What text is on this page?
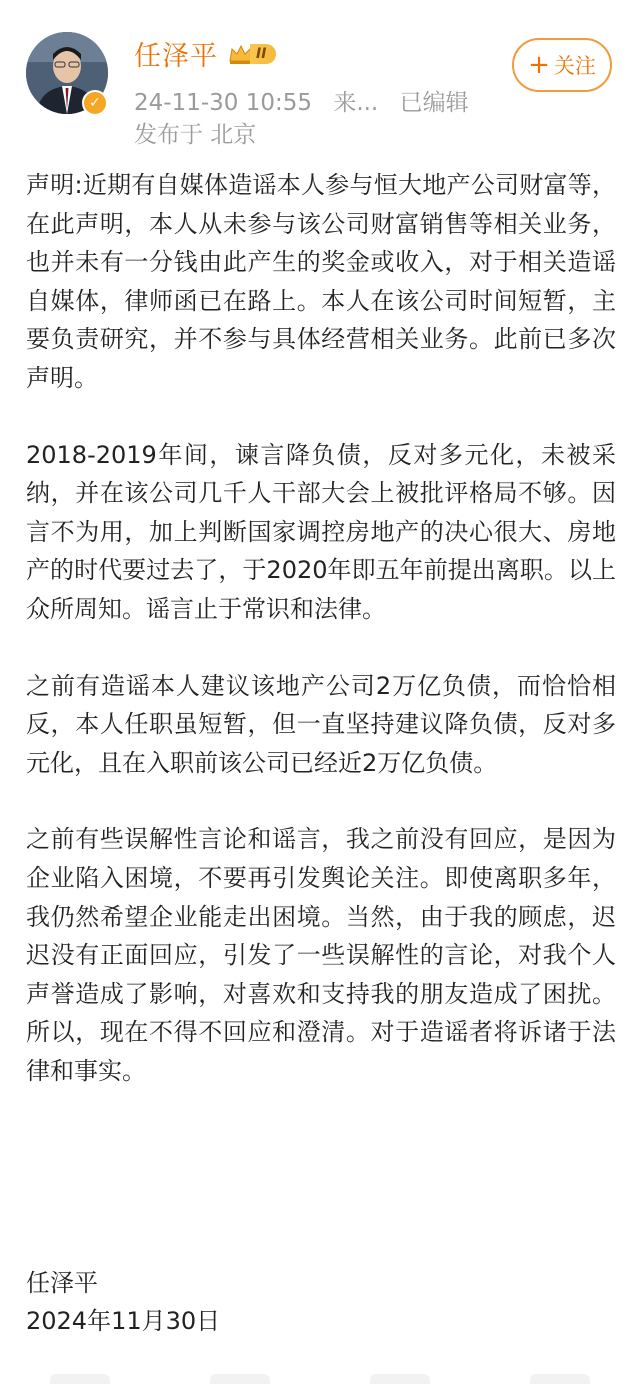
✓
任泽平	II
24-11-30 10:55 来... 已编辑
发布于 北京
+ 关注

声明:近期有自媒体造谣本人参与恒大地产公司财富等，在此声明，本人从未参与该公司财富销售等相关业务，也并未有一分钱由此产生的奖金或收入，对于相关造谣自媒体，律师函已在路上。本人在该公司时间短暂，主要负责研究，并不参与具体经营相关业务。此前已多次声明。

2018-2019年间，谏言降负债，反对多元化，未被采纳，并在该公司几千人干部大会上被批评格局不够。因言不为用，加上判断国家调控房地产的决心很大、房地产的时代要过去了，于2020年即五年前提出离职。以上众所周知。谣言止于常识和法律。

之前有造谣本人建议该地产公司2万亿负债，而恰恰相反，本人任职虽短暂，但一直坚持建议降负债，反对多元化，且在入职前该公司已经近2万亿负债。

之前有些误解性言论和谣言，我之前没有回应，是因为企业陷入困境，不要再引发舆论关注。即使离职多年，我仍然希望企业能走出困境。当然，由于我的顾虑，迟迟没有正面回应，引发了一些误解性的言论，对我个人声誉造成了影响，对喜欢和支持我的朋友造成了困扰。所以，现在不得不回应和澄清。对于造谣者将诉诸于法律和事实。

任泽平
2024年11月30日
